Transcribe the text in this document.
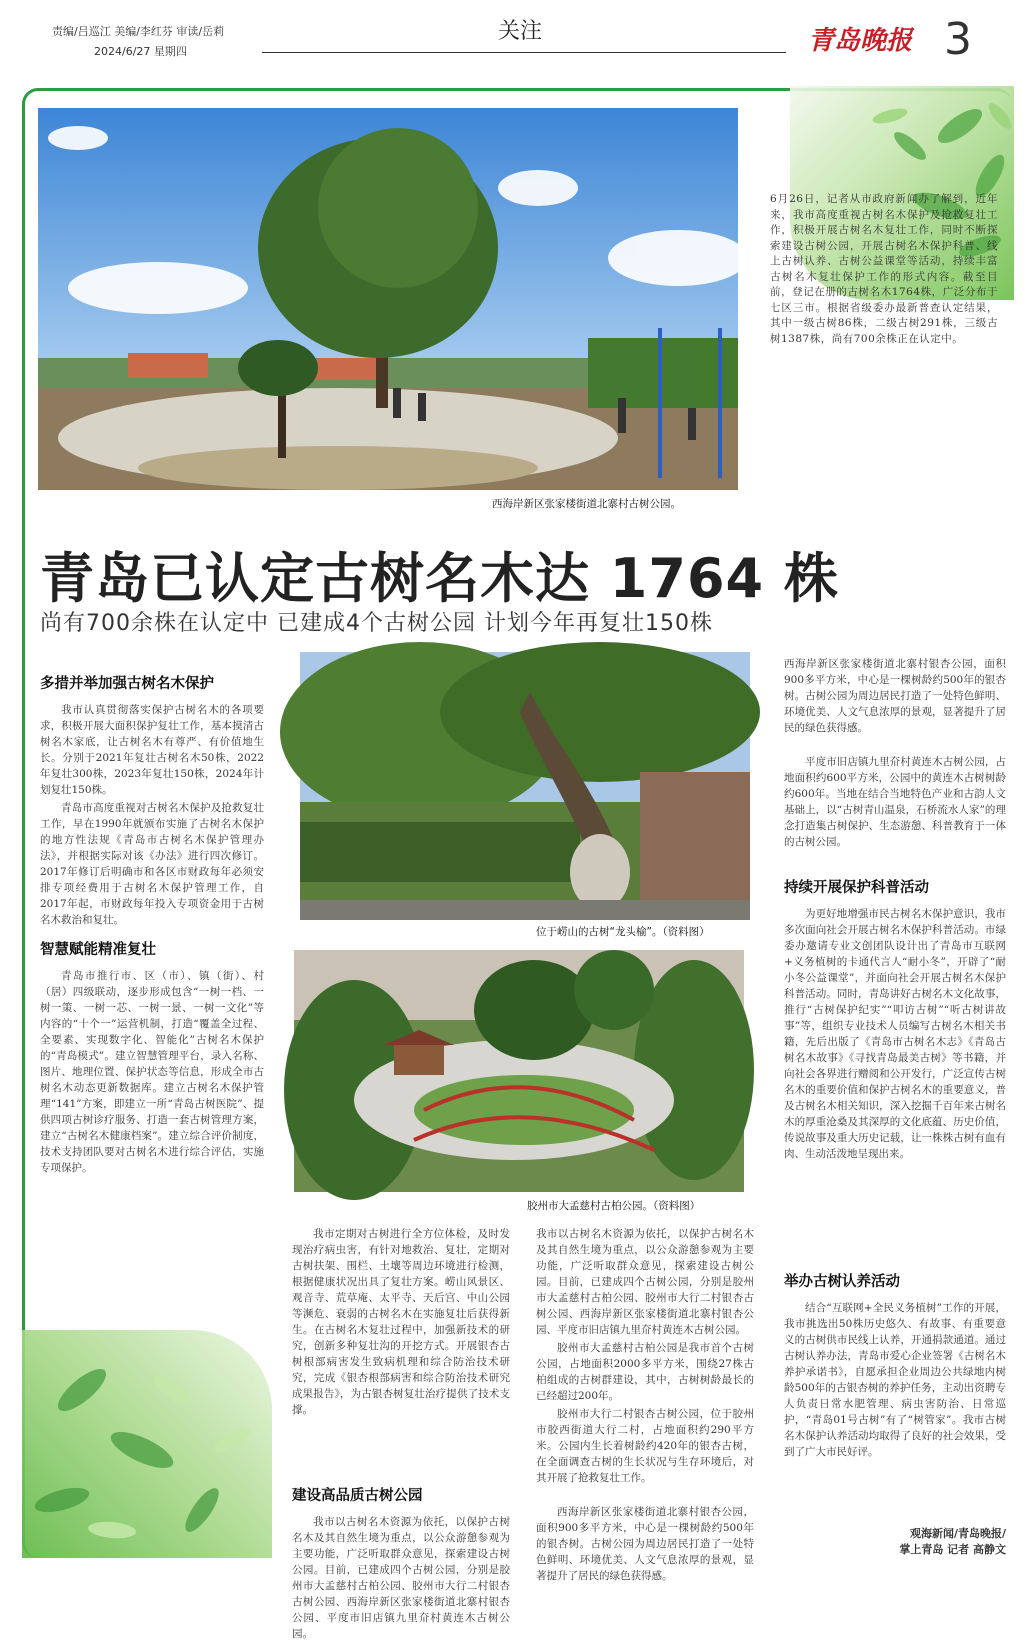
责编/吕巡江 美编/李红芬 审读/岳莉
2024/6/27 星期四
关注	青岛晚报 3
西海岸新区张家楼街道北寨村古树公园。
6月26日，记者从市政府新闻办了解到，近年来，我市高度重视古树名木保护及抢救复壮工作，积极开展古树名木复壮工作，同时不断探索建设古树公园，开展古树名木保护科普、线上古树认养、古树公益课堂等活动，持续丰富古树名木复壮保护工作的形式内容。截至目前，登记在册的古树名木1764株，广泛分布于七区三市。根据省级委办最新普查认定结果，其中一级古树86株，二级古树291株，三级古树1387株，尚有700余株正在认定中。
青岛已认定古树名木达 1764 株
尚有700余株在认定中 已建成4个古树公园 计划今年再复壮150株
多措并举加强古树名木保护

我市认真贯彻落实保护古树名木的各项要求，积极开展大面积保护复壮工作，基本摸清古树名木家底，让古树名木有尊严、有价值地生长。分别于2021年复壮古树名木50株，2022年复壮300株，2023年复壮150株，2024年计划复壮150株。

青岛市高度重视对古树名木保护及抢救复壮工作，早在1990年就颁布实施了古树名木保护的地方性法规《青岛市古树名木保护管理办法》，并根据实际对该《办法》进行四次修订。2017年修订后明确市和各区市财政每年必须安排专项经费用于古树名木保护管理工作，自2017年起，市财政每年投入专项资金用于古树名木救治和复壮。

智慧赋能精准复壮

青岛市推行市、区（市）、镇（街）、村（居）四级联动，逐步形成包含“一树一档、一树一策、一树一芯、一树一景、一树一文化”等内容的“十个一”运营机制，打造“覆盖全过程、全要素、实现数字化、智能化”古树名木保护的“青岛模式”。建立智慧管理平台，录入名称、图片、地理位置、保护状态等信息，形成全市古树名木动态更新数据库。建立古树名木保护管理“141”方案，即建立一所“青岛古树医院”、提供四项古树诊疗服务、打造一套古树管理方案，建立“古树名木健康档案”。建立综合评价制度，技术支持团队要对古树名木进行综合评估，实施专项保护。

位于崂山的古树“龙头榆”。（资料图）
胶州市大孟慈村古柏公园。（资料图）

我市定期对古树进行全方位体检，及时发现治疗病虫害，有针对地救治、复壮，定期对古树扶架、围栏、土壤等周边环境进行检测，根据健康状况出具了复壮方案。崂山风景区、观音寺、荒草庵、太平寺、天后宫、中山公园等濒危、衰弱的古树名木在实施复壮后获得新生。在古树名木复壮过程中，加强新技术的研究，创新多种复壮沟的开挖方式。开展银杏古树根部病害发生致病机理和综合防治技术研究，完成《银杏根部病害和综合防治技术研究成果报告》，为古银杏树复壮治疗提供了技术支撑。

建设高品质古树公园

我市以古树名木资源为依托，以保护古树名木及其自然生境为重点，以公众游憩参观为主要功能，广泛听取群众意见，探索建设古树公园。目前，已建成四个古树公园，分别是胶州市大孟慈村古柏公园、胶州市大行二村银杏古树公园、西海岸新区张家楼街道北寨村银杏公园、平度市旧店镇九里夼村黄连木古树公园。

我市以古树名木资源为依托，以保护古树名木及其自然生境为重点，以公众游憩参观为主要功能，广泛听取群众意见，探索建设古树公园。目前，已建成四个古树公园，分别是胶州市大孟慈村古柏公园、胶州市大行二村银杏古树公园、西海岸新区张家楼街道北寨村银杏公园、平度市旧店镇九里夼村黄连木古树公园。

胶州市大孟慈村古柏公园是我市首个古树公园，占地面积2000多平方米，围绕27株古柏组成的古树群建设，其中，古树树龄最长的已经超过200年。

胶州市大行二村银杏古树公园，位于胶州市胶西街道大行二村，占地面积约290平方米。公园内生长着树龄约420年的银杏古树，在全面调查古树的生长状况与生存环境后，对其开展了抢救复壮工作。

西海岸新区张家楼街道北寨村银杏公园，面积900多平方米，中心是一棵树龄约500年的银杏树。古树公园为周边居民打造了一处特色鲜明、环境优美、人文气息浓厚的景观，显著提升了居民的绿色获得感。

西海岸新区张家楼街道北寨村银杏公园，面积900多平方米，中心是一棵树龄约500年的银杏树。古树公园为周边居民打造了一处特色鲜明、环境优美、人文气息浓厚的景观，显著提升了居民的绿色获得感。

平度市旧店镇九里夼村黄连木古树公园，占地面积约600平方米，公园中的黄连木古树树龄约600年。当地在结合当地特色产业和古韵人文基础上，以“古树青山温泉，石桥流水人家”的理念打造集古树保护、生态游憩、科普教育于一体的古树公园。

持续开展保护科普活动

为更好地增强市民古树名木保护意识，我市多次面向社会开展古树名木保护科普活动。市绿委办邀请专业文创团队设计出了青岛市互联网+义务植树的卡通代言人“耐小冬”，开辟了“耐小冬公益课堂”，并面向社会开展古树名木保护科普活动。同时，青岛讲好古树名木文化故事，推行“古树保护纪实”“叩访古树”“听古树讲故事”等，组织专业技术人员编写古树名木相关书籍，先后出版了《青岛市古树名木志》《青岛古树名木故事》《寻找青岛最美古树》等书籍，并向社会各界进行赠阅和公开发行，广泛宣传古树名木的重要价值和保护古树名木的重要意义，普及古树名木相关知识，深入挖掘千百年来古树名木的厚重沧桑及其深厚的文化底蕴、历史价值，传说故事及重大历史记载，让一株株古树有血有肉、生动活泼地呈现出来。

举办古树认养活动

结合“互联网+全民义务植树”工作的开展，我市挑选出50株历史悠久、有故事、有重要意义的古树供市民线上认养，开通捐款通道。通过古树认养办法，青岛市爱心企业签署《古树名木养护承诺书》，自愿承担企业周边公共绿地内树龄500年的古银杏树的养护任务，主动出资聘专人负责日常水肥管理、病虫害防治、日常巡护，“青岛01号古树”有了“树管家”。我市古树名木保护认养活动均取得了良好的社会效果，受到了广大市民好评。

观海新闻/青岛晚报/
掌上青岛 记者 高静文
